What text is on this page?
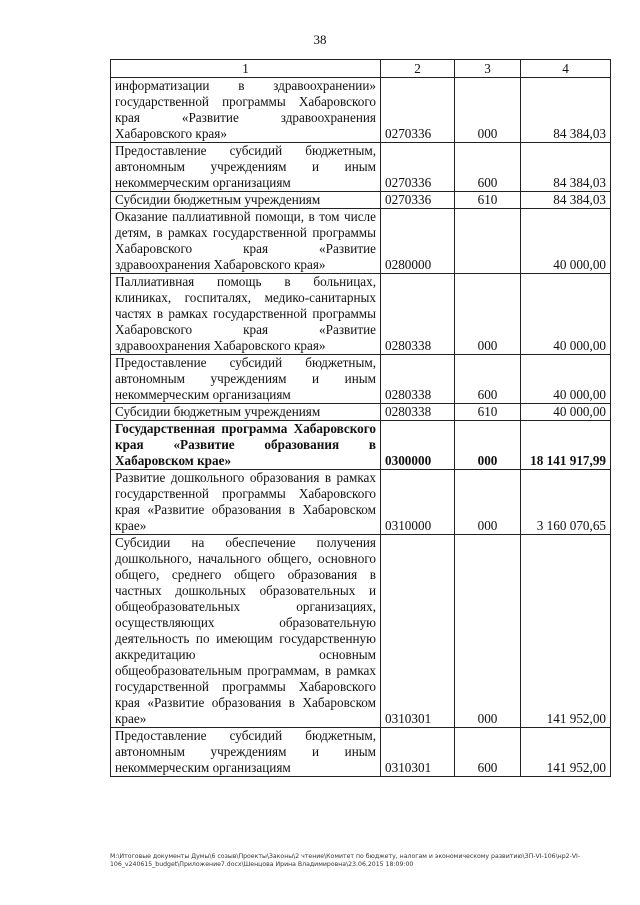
38
1	2	3	4
информатизации в здравоохранении» государственной программы Хабаровского края «Развитие здравоохранения Хабаровского края»	0270336	000	84 384,03
Предоставление субсидий бюджетным, автономным учреждениям и иным некоммерческим организациям	0270336	600	84 384,03
Субсидии бюджетным учреждениям	0270336	610	84 384,03
Оказание паллиативной помощи, в том числе детям, в рамках государственной программы Хабаровского края «Развитие здравоохранения Хабаровского края»	0280000		40 000,00
Паллиативная помощь в больницах, клиниках, госпиталях, медико-санитарных частях в рамках государственной программы Хабаровского края «Развитие здравоохранения Хабаровского края»	0280338	000	40 000,00
Предоставление субсидий бюджетным, автономным учреждениям и иным некоммерческим организациям	0280338	600	40 000,00
Субсидии бюджетным учреждениям	0280338	610	40 000,00
Государственная программа Хабаровского края «Развитие образования в Хабаровском крае»	0300000	000	18 141 917,99
Развитие дошкольного образования в рамках государственной программы Хабаровского края «Развитие образования в Хабаровском крае»	0310000	000	3 160 070,65
Субсидии на обеспечение получения дошкольного, начального общего, основного общего, среднего общего образования в частных дошкольных образовательных и общеобразовательных организациях, осуществляющих образовательную деятельность по имеющим государственную аккредитацию основным общеобразовательным программам, в рамках государственной программы Хабаровского края «Развитие образования в Хабаровском крае»	0310301	000	141 952,00
Предоставление субсидий бюджетным, автономным учреждениям и иным некоммерческим организациям	0310301	600	141 952,00
M:\Итоговые документы Думы\6 созыв\Проекты\Законы\2 чтение\Комитет по бюджету, налогам и экономическому развитию\ЗП-VI-106\нр2-VI-
106_v240615_budget\Приложение7.docx\Шенцова Ирина Владимировна\23.06.2015 18:09:00
